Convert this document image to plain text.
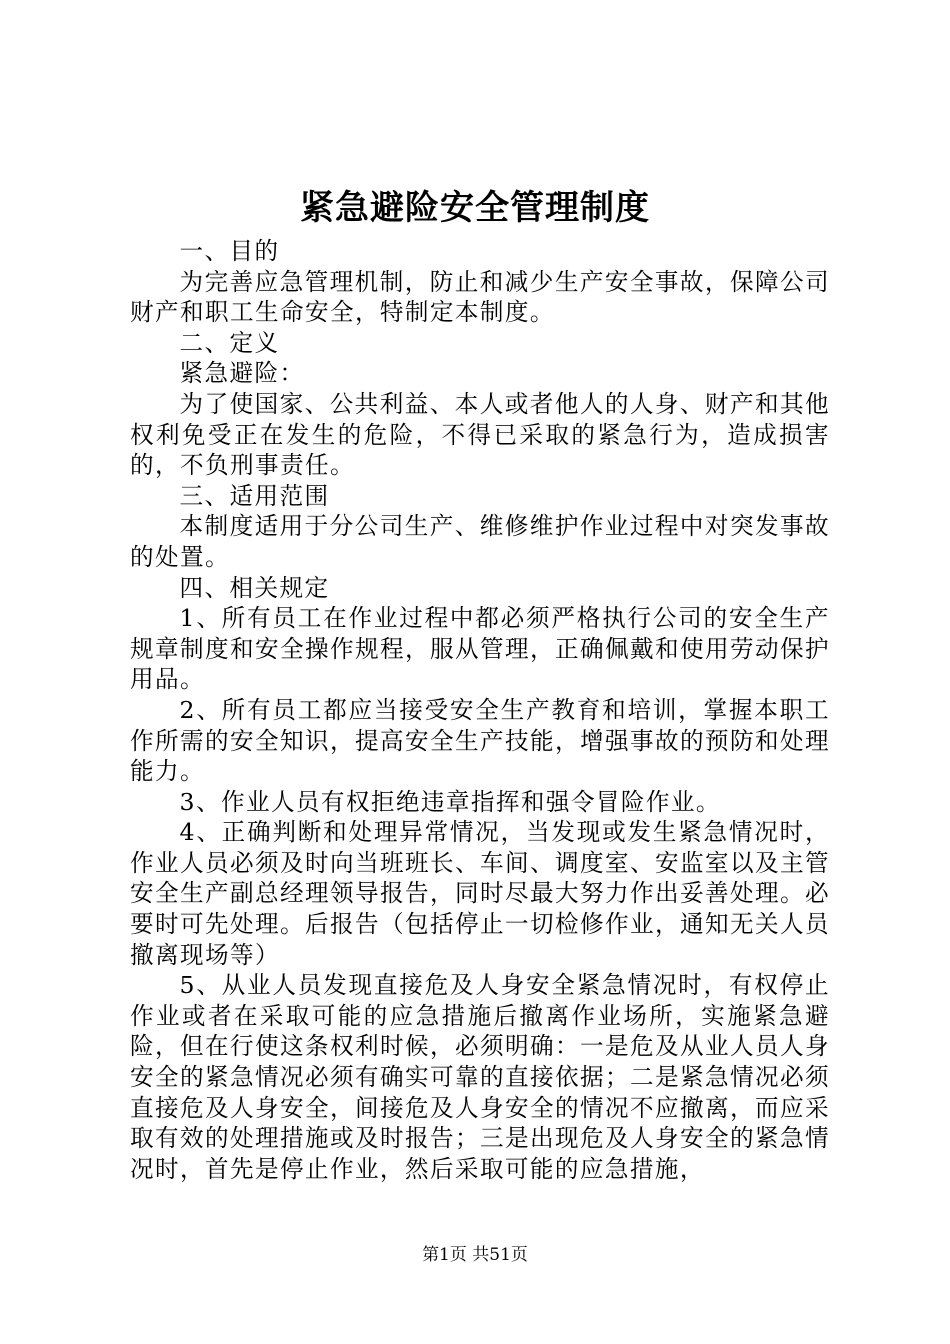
紧急避险安全管理制度

一、目的

为完善应急管理机制，防止和减少生产安全事故，保障公司财产和职工生命安全，特制定本制度。

二、定义

紧急避险：

为了使国家、公共利益、本人或者他人的人身、财产和其他权利免受正在发生的危险，不得已采取的紧急行为，造成损害的，不负刑事责任。

三、适用范围

本制度适用于分公司生产、维修维护作业过程中对突发事故的处置。

四、相关规定

1、所有员工在作业过程中都必须严格执行公司的安全生产规章制度和安全操作规程，服从管理，正确佩戴和使用劳动保护用品。

2、所有员工都应当接受安全生产教育和培训，掌握本职工作所需的安全知识，提高安全生产技能，增强事故的预防和处理能力。

3、作业人员有权拒绝违章指挥和强令冒险作业。

4、正确判断和处理异常情况，当发现或发生紧急情况时，作业人员必须及时向当班班长、车间、调度室、安监室以及主管安全生产副总经理领导报告，同时尽最大努力作出妥善处理。必要时可先处理。后报告（包括停止一切检修作业，通知无关人员撤离现场等）

5、从业人员发现直接危及人身安全紧急情况时，有权停止作业或者在采取可能的应急措施后撤离作业场所，实施紧急避险，但在行使这条权利时候，必须明确：一是危及从业人员人身安全的紧急情况必须有确实可靠的直接依据；二是紧急情况必须直接危及人身安全，间接危及人身安全的情况不应撤离，而应采取有效的处理措施或及时报告；三是出现危及人身安全的紧急情况时，首先是停止作业，然后采取可能的应急措施，

第1页 共51页
